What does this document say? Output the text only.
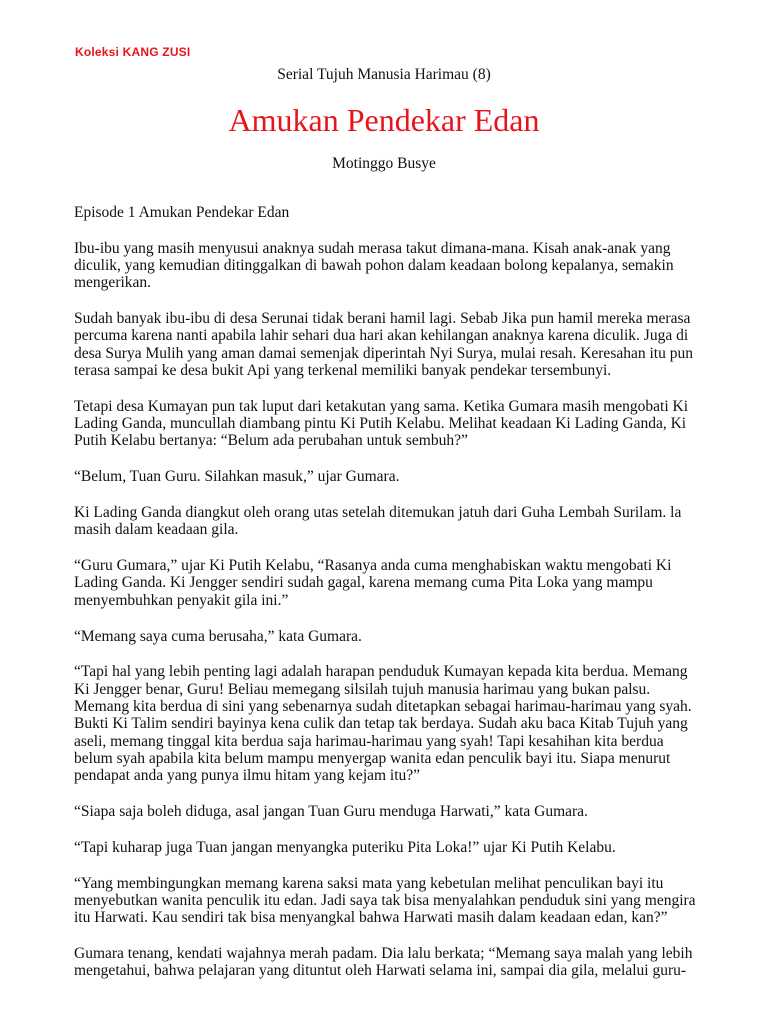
Koleksi KANG ZUSI
Serial Tujuh Manusia Harimau (8)
Amukan Pendekar Edan
Motinggo Busye

Episode 1 Amukan Pendekar Edan

Ibu-ibu yang masih menyusui anaknya sudah merasa takut dimana-mana. Kisah anak-anak yang diculik, yang kemudian ditinggalkan di bawah pohon dalam keadaan bolong kepalanya, semakin mengerikan.

Sudah banyak ibu-ibu di desa Serunai tidak berani hamil lagi. Sebab Jika pun hamil mereka merasa percuma karena nanti apabila lahir sehari dua hari akan kehilangan anaknya karena diculik. Juga di desa Surya Mulih yang aman damai semenjak diperintah Nyi Surya, mulai resah. Keresahan itu pun terasa sampai ke desa bukit Api yang terkenal memiliki banyak pendekar tersembunyi.

Tetapi desa Kumayan pun tak luput dari ketakutan yang sama. Ketika Gumara masih mengobati Ki Lading Ganda, muncullah diambang pintu Ki Putih Kelabu. Melihat keadaan Ki Lading Ganda, Ki Putih Kelabu bertanya: “Belum ada perubahan untuk sembuh?”

“Belum, Tuan Guru. Silahkan masuk,” ujar Gumara.

Ki Lading Ganda diangkut oleh orang utas setelah ditemukan jatuh dari Guha Lembah Surilam. la masih dalam keadaan gila.

“Guru Gumara,” ujar Ki Putih Kelabu, “Rasanya anda cuma menghabiskan waktu mengobati Ki Lading Ganda. Ki Jengger sendiri sudah gagal, karena memang cuma Pita Loka yang mampu menyembuhkan penyakit gila ini.”

“Memang saya cuma berusaha,” kata Gumara.

“Tapi hal yang lebih penting lagi adalah harapan penduduk Kumayan kepada kita berdua. Memang Ki Jengger benar, Guru! Beliau memegang silsilah tujuh manusia harimau yang bukan palsu. Memang kita berdua di sini yang sebenarnya sudah ditetapkan sebagai harimau-harimau yang syah. Bukti Ki Talim sendiri bayinya kena culik dan tetap tak berdaya. Sudah aku baca Kitab Tujuh yang aseli, memang tinggal kita berdua saja harimau-harimau yang syah! Tapi kesahihan kita berdua belum syah apabila kita belum mampu menyergap wanita edan penculik bayi itu. Siapa menurut pendapat anda yang punya ilmu hitam yang kejam itu?”

“Siapa saja boleh diduga, asal jangan Tuan Guru menduga Harwati,” kata Gumara.

“Tapi kuharap juga Tuan jangan menyangka puteriku Pita Loka!” ujar Ki Putih Kelabu.

“Yang membingungkan memang karena saksi mata yang kebetulan melihat penculikan bayi itu menyebutkan wanita penculik itu edan. Jadi saya tak bisa menyalahkan penduduk sini yang mengira itu Harwati. Kau sendiri tak bisa menyangkal bahwa Harwati masih dalam keadaan edan, kan?”

Gumara tenang, kendati wajahnya merah padam. Dia lalu berkata; “Memang saya malah yang lebih mengetahui, bahwa pelajaran yang dituntut oleh Harwati selama ini, sampai dia gila, melalui guru-
